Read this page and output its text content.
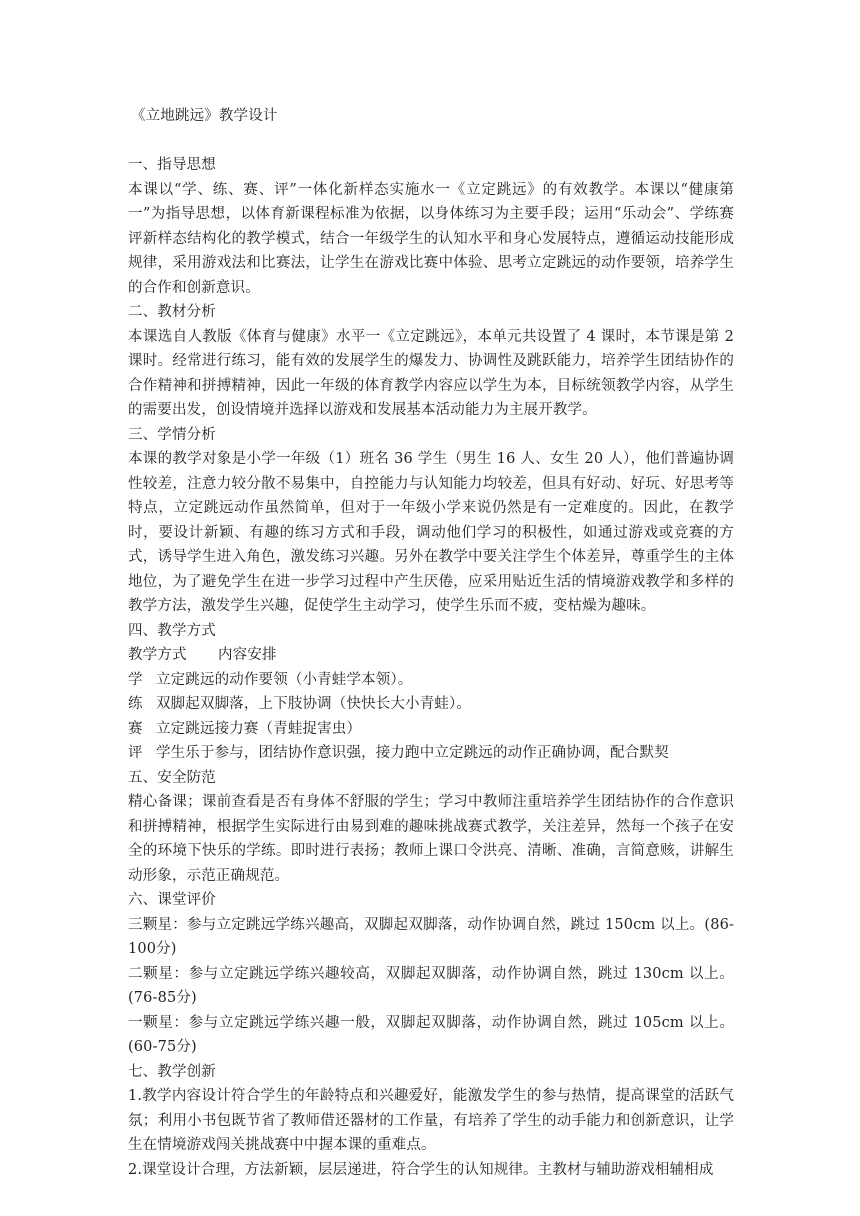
《立地跳远》教学设计

一、指导思想

本课以“学、练、赛、评”一体化新样态实施水一《立定跳远》的有效教学。本课以“健康第一”为指导思想，以体育新课程标准为依据，以身体练习为主要手段；运用“乐动会”、学练赛评新样态结构化的教学模式，结合一年级学生的认知水平和身心发展特点，遵循运动技能形成规律，采用游戏法和比赛法，让学生在游戏比赛中体验、思考立定跳远的动作要领，培养学生的合作和创新意识。

二、教材分析

本课选自人教版《体育与健康》水平一《立定跳远》，本单元共设置了 4 课时，本节课是第 2 课时。经常进行练习，能有效的发展学生的爆发力、协调性及跳跃能力，培养学生团结协作的合作精神和拼搏精神，因此一年级的体育教学内容应以学生为本，目标统领教学内容，从学生的需要出发，创设情境并选择以游戏和发展基本活动能力为主展开教学。

三、学情分析

本课的教学对象是小学一年级（1）班名 36 学生（男生 16 人、女生 20 人），他们普遍协调性较差，注意力较分散不易集中，自控能力与认知能力均较差，但具有好动、好玩、好思考等特点，立定跳远动作虽然简单，但对于一年级小学来说仍然是有一定难度的。因此，在教学时，要设计新颖、有趣的练习方式和手段，调动他们学习的积极性，如通过游戏或竞赛的方式，诱导学生进入角色，激发练习兴趣。另外在教学中要关注学生个体差异，尊重学生的主体地位，为了避免学生在进一步学习过程中产生厌倦，应采用贴近生活的情境游戏教学和多样的教学方法，激发学生兴趣，促使学生主动学习，使学生乐而不疲，变枯燥为趣味。

四、教学方式

教学方式 内容安排

学 立定跳远的动作要领（小青蛙学本领）。

练 双脚起双脚落，上下肢协调（快快长大小青蛙）。

赛 立定跳远接力赛（青蛙捉害虫）

评 学生乐于参与，团结协作意识强，接力跑中立定跳远的动作正确协调，配合默契

五、安全防范

精心备课；课前查看是否有身体不舒服的学生；学习中教师注重培养学生团结协作的合作意识和拼搏精神，根据学生实际进行由易到难的趣味挑战赛式教学，关注差异，然每一个孩子在安全的环境下快乐的学练。即时进行表扬；教师上课口令洪亮、清晰、准确，言简意赅，讲解生动形象，示范正确规范。

六、课堂评价

三颗星：参与立定跳远学练兴趣高，双脚起双脚落，动作协调自然，跳过 150cm 以上。(86-100分)

二颗星：参与立定跳远学练兴趣较高，双脚起双脚落，动作协调自然，跳过 130cm 以上。(76-85分)

一颗星：参与立定跳远学练兴趣一般，双脚起双脚落，动作协调自然，跳过 105cm 以上。(60-75分)

七、教学创新

1.教学内容设计符合学生的年龄特点和兴趣爱好，能激发学生的参与热情，提高课堂的活跃气氛；利用小书包既节省了教师借还器材的工作量，有培养了学生的动手能力和创新意识，让学生在情境游戏闯关挑战赛中中握本课的重难点。

2.课堂设计合理，方法新颖，层层递进，符合学生的认知规律。主教材与辅助游戏相辅相成
